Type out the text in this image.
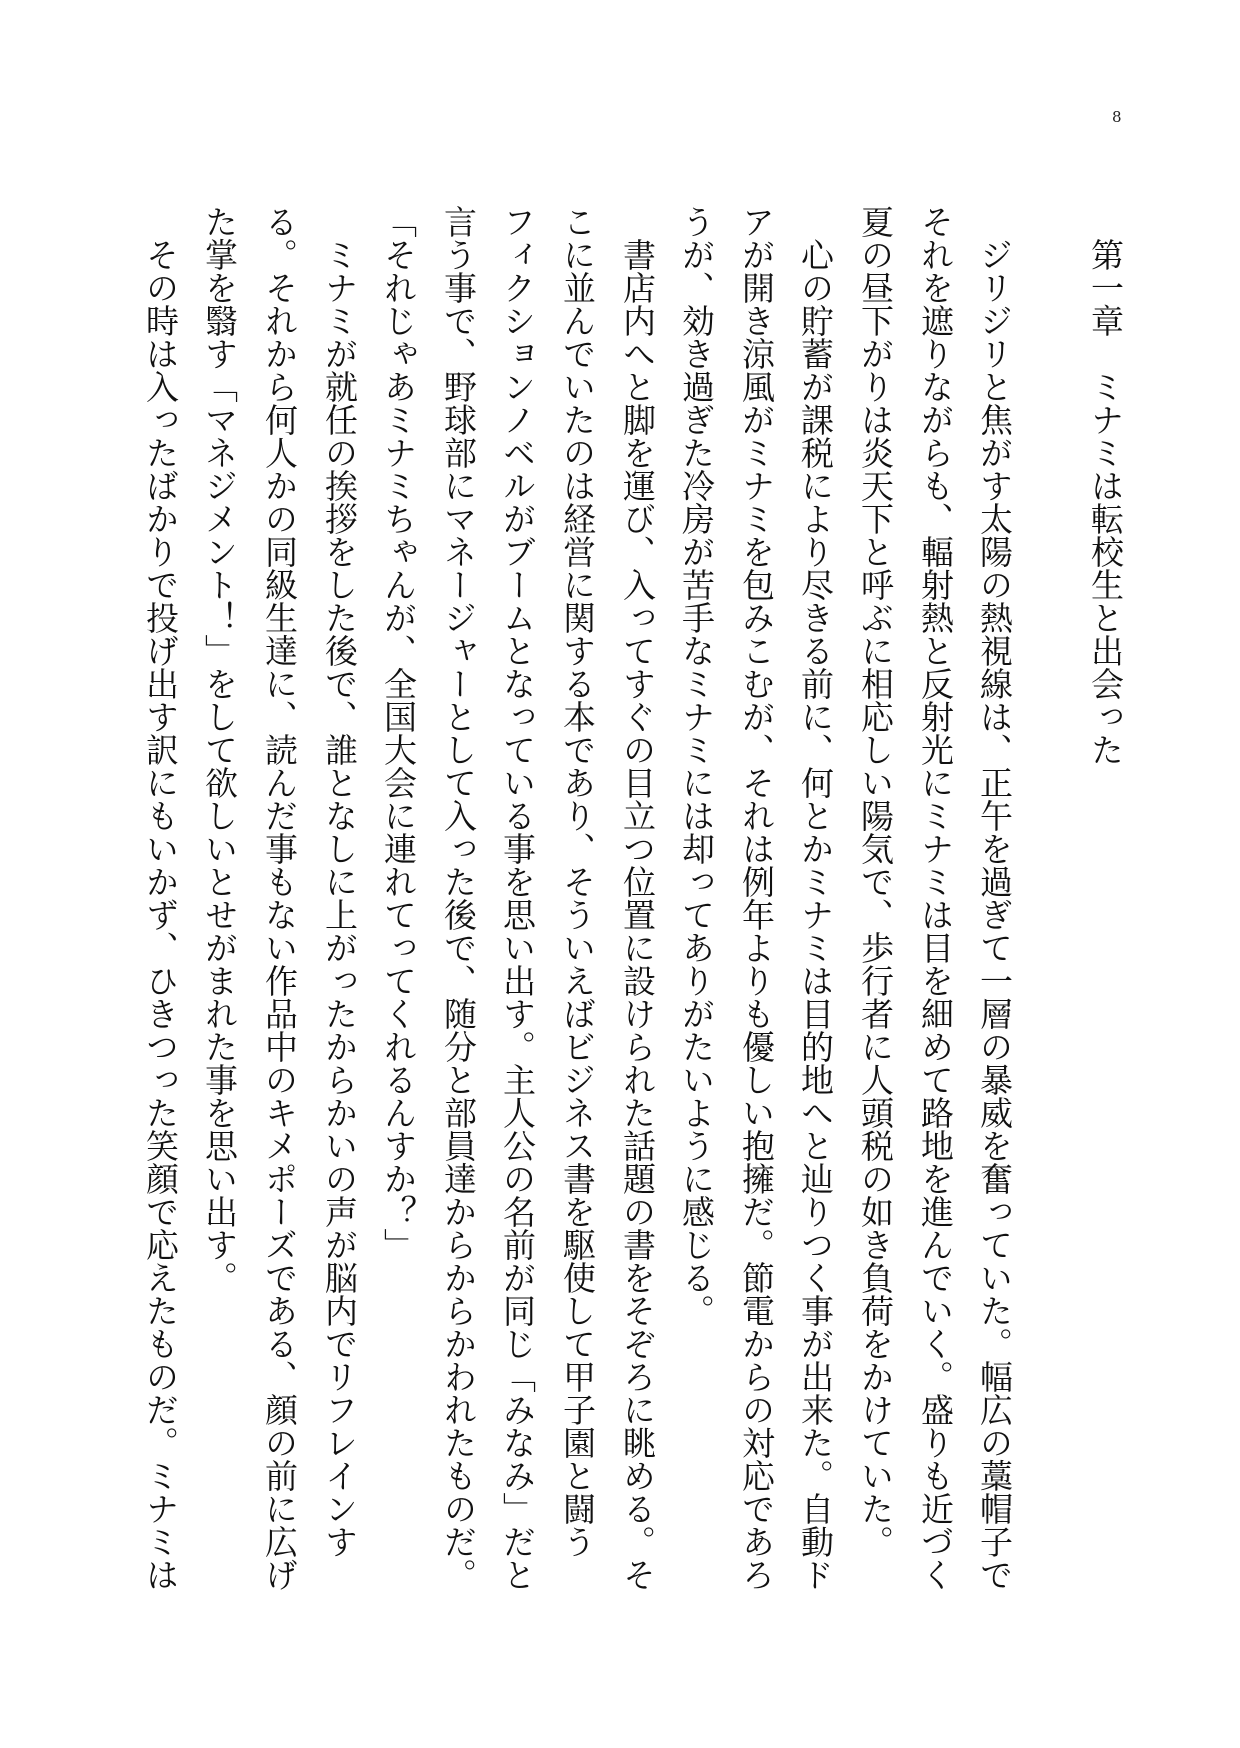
8
　第一章　ミナミは転校生と出会った
　ジリジリと焦がす太陽の熱視線は、正午を過ぎて一層の暴威を奮っていた。幅広の藁帽子で
それを遮りながらも、輻射熱と反射光にミナミは目を細めて路地を進んでいく。盛りも近づく
夏の昼下がりは炎天下と呼ぶに相応しい陽気で、歩行者に人頭税の如き負荷をかけていた。
　心の貯蓄が課税により尽きる前に、何とかミナミは目的地へと辿りつく事が出来た。自動ド
アが開き涼風がミナミを包みこむが、それは例年よりも優しい抱擁だ。節電からの対応であろ
うが、効き過ぎた冷房が苦手なミナミには却ってありがたいように感じる。
　書店内へと脚を運び、入ってすぐの目立つ位置に設けられた話題の書をそぞろに眺める。そ
こに並んでいたのは経営に関する本であり、そういえばビジネス書を駆使して甲子園と闘う
フィクションノベルがブームとなっている事を思い出す。主人公の名前が同じ「みなみ」だと
言う事で、野球部にマネージャーとして入った後で、随分と部員達からからかわれたものだ。
「それじゃあミナミちゃんが、全国大会に連れてってくれるんすか？」
　ミナミが就任の挨拶をした後で、誰となしに上がったからかいの声が脳内でリフレインす
る。それから何人かの同級生達に、読んだ事もない作品中のキメポーズである、顔の前に広げ
た掌を翳す「マネジメント！」をして欲しいとせがまれた事を思い出す。
　その時は入ったばかりで投げ出す訳にもいかず、ひきつった笑顔で応えたものだ。ミナミは
